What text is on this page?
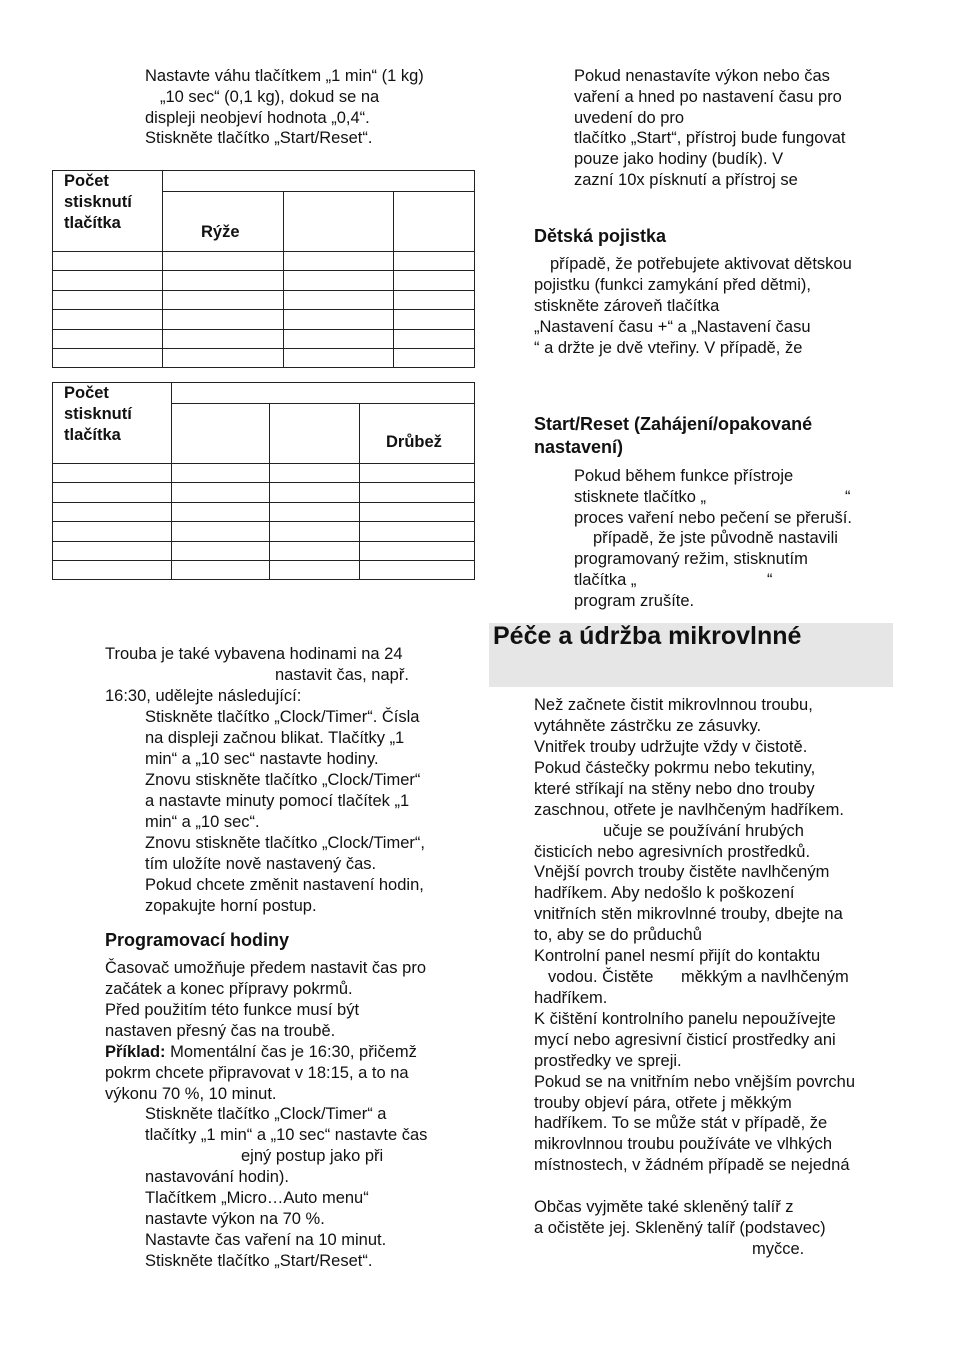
Nastavte váhu tlačítkem „1 min“ (1 kg)
„10 sec“ (0,1 kg), dokud se na
displeji neobjeví hodnota „0,4“.
Stiskněte tlačítko „Start/Reset“.
Počet
stisknutí
tlačítka			

	Rýže		

Počet
stisknutí
tlačítka			

			Drůbež

Trouba je také vybavena hodinami na 24
nastavit čas, např.
16:30, udělejte následující:
Stiskněte tlačítko „Clock/Timer“. Čísla
na displeji začnou blikat. Tlačítky „1
min“ a „10 sec“ nastavte hodiny.
Znovu stiskněte tlačítko „Clock/Timer“
a nastavte minuty pomocí tlačítek „1
min“ a „10 sec“.
Znovu stiskněte tlačítko „Clock/Timer“,
tím uložíte nově nastavený čas.
Pokud chcete změnit nastavení hodin,
zopakujte horní postup.
Programovací hodiny
Časovač umožňuje předem nastavit čas pro
začátek a konec přípravy pokrmů.
Před použitím této funkce musí být
nastaven přesný čas na troubě.
Příklad: Momentální čas je 16:30, přičemž
pokrm chcete připravovat v 18:15, a to na
výkonu 70 %, 10 minut.
Stiskněte tlačítko „Clock/Timer“ a
tlačítky „1 min“ a „10 sec“ nastavte čas
ejný postup jako při
nastavování hodin).
Tlačítkem „Micro…Auto menu“
nastavte výkon na 70 %.
Nastavte čas vaření na 10 minut.
Stiskněte tlačítko „Start/Reset“.
Pokud nenastavíte výkon nebo čas
vaření a hned po nastavení času pro
uvedení do pro
tlačítko „Start“, přístroj bude fungovat
pouze jako hodiny (budík). V
zazní 10x písknutí a přístroj se
Dětská pojistka
případě, že potřebujete aktivovat dětskou
pojistku (funkci zamykání před dětmi),
stiskněte zároveň tlačítka
„Nastavení času +“ a „Nastavení času
“ a držte je dvě vteřiny. V případě, že
Start/Reset (Zahájení/opakované
nastavení)
Pokud během funkce přístroje
stisknete tlačítko „	“
proces vaření nebo pečení se přeruší.
případě, že jste původně nastavili
programovaný režim, stisknutím
tlačítka „	“
program zrušíte.
Péče a údržba mikrovlnné
Než začnete čistit mikrovlnnou troubu,
vytáhněte zástrčku ze zásuvky.
Vnitřek trouby udržujte vždy v čistotě.
Pokud částečky pokrmu nebo tekutiny,
které stříkají na stěny nebo dno trouby
zaschnou, otřete je navlhčeným hadříkem.
učuje se používání hrubých
čisticích nebo agresivních prostředků.
Vnější povrch trouby čistěte navlhčeným
hadříkem. Aby nedošlo k poškození
vnitřních stěn mikrovlnné trouby, dbejte na
to, aby se do průduchů
Kontrolní panel nesmí přijít do kontaktu
vodou. Čistěte      měkkým a navlhčeným
hadříkem.
K čištění kontrolního panelu nepoužívejte
mycí nebo agresivní čisticí prostředky ani
prostředky ve spreji.
Pokud se na vnitřním nebo vnějším povrchu
trouby objeví pára, otřete j měkkým
hadříkem. To se může stát v případě, že
mikrovlnnou troubu používáte ve vlhkých
místnostech, v žádném případě se nejedná
Občas vyjměte také skleněný talíř z
a očistěte jej. Skleněný talíř (podstavec)
myčce.
